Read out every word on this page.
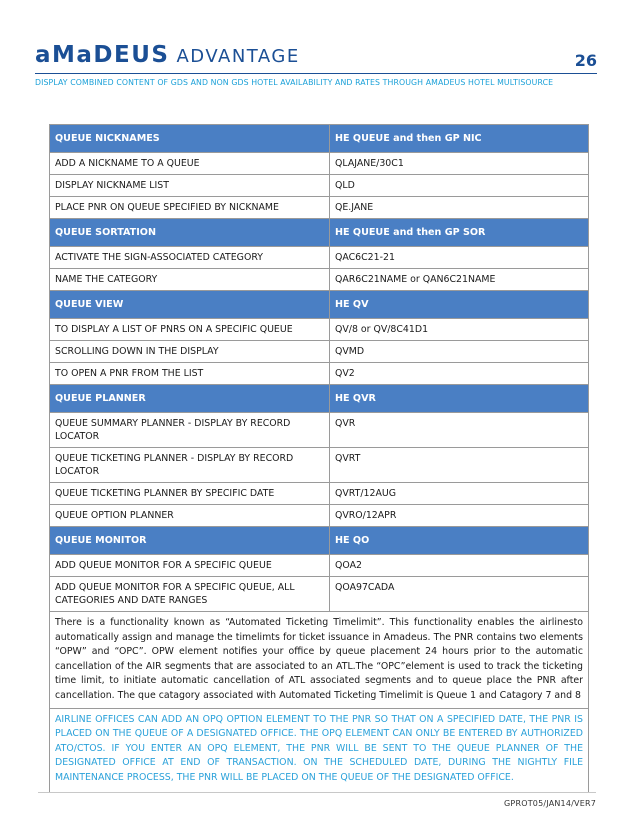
aMaDEUS ADVANTAGE	26
DISPLAY COMBINED CONTENT OF GDS AND NON GDS HOTEL AVAILABILITY AND RATES THROUGH AMADEUS HOTEL MULTISOURCE
QUEUE NICKNAMES	HE QUEUE and then GP NIC
ADD A NICKNAME TO A QUEUE	QLAJANE/30C1
DISPLAY NICKNAME LIST	QLD
PLACE PNR ON QUEUE SPECIFIED BY NICKNAME	QE.JANE
QUEUE SORTATION	HE QUEUE and then GP SOR
ACTIVATE THE SIGN-ASSOCIATED CATEGORY	QAC6C21-21
NAME THE CATEGORY	QAR6C21NAME or QAN6C21NAME
QUEUE VIEW	HE QV
TO DISPLAY A LIST OF PNRS ON A SPECIFIC QUEUE	QV/8 or QV/8C41D1
SCROLLING DOWN IN THE DISPLAY	QVMD
TO OPEN A PNR FROM THE LIST	QV2
QUEUE PLANNER	HE QVR
QUEUE SUMMARY PLANNER - DISPLAY BY RECORD LOCATOR	QVR
QUEUE TICKETING PLANNER - DISPLAY BY RECORD LOCATOR	QVRT
QUEUE TICKETING PLANNER BY SPECIFIC DATE	QVRT/12AUG
QUEUE OPTION PLANNER	QVRO/12APR
QUEUE MONITOR	HE QO
ADD QUEUE MONITOR FOR A SPECIFIC QUEUE	QOA2
ADD QUEUE MONITOR FOR A SPECIFIC QUEUE, ALL CATEGORIES AND DATE RANGES	QOA97CADA
There is a functionality known as “Automated Ticketing Timelimit”. This functionality enables the airlinesto automatically assign and manage the timelimts for ticket issuance in Amadeus. The PNR contains two elements “OPW” and “OPC”. OPW element notifies your office by queue placement 24 hours prior to the automatic cancellation of the AIR segments that are associated to an ATL.The “OPC”element is used to track the ticketing time limit, to initiate automatic cancellation of ATL associated segments and to queue place the PNR after cancellation. The que catagory associated with Automated Ticketing Timelimit is Queue 1 and Catagory 7 and 8
AIRLINE OFFICES CAN ADD AN OPQ OPTION ELEMENT TO THE PNR SO THAT ON A SPECIFIED DATE, THE PNR IS PLACED ON THE QUEUE OF A DESIGNATED OFFICE. THE OPQ ELEMENT CAN ONLY BE ENTERED BY AUTHORIZED ATO/CTOS. IF YOU ENTER AN OPQ ELEMENT, THE PNR WILL BE SENT TO THE QUEUE PLANNER OF THE DESIGNATED OFFICE AT END OF TRANSACTION. ON THE SCHEDULED DATE, DURING THE NIGHTLY FILE MAINTENANCE PROCESS, THE PNR WILL BE PLACED ON THE QUEUE OF THE DESIGNATED OFFICE.
GPROT05/JAN14/VER7
